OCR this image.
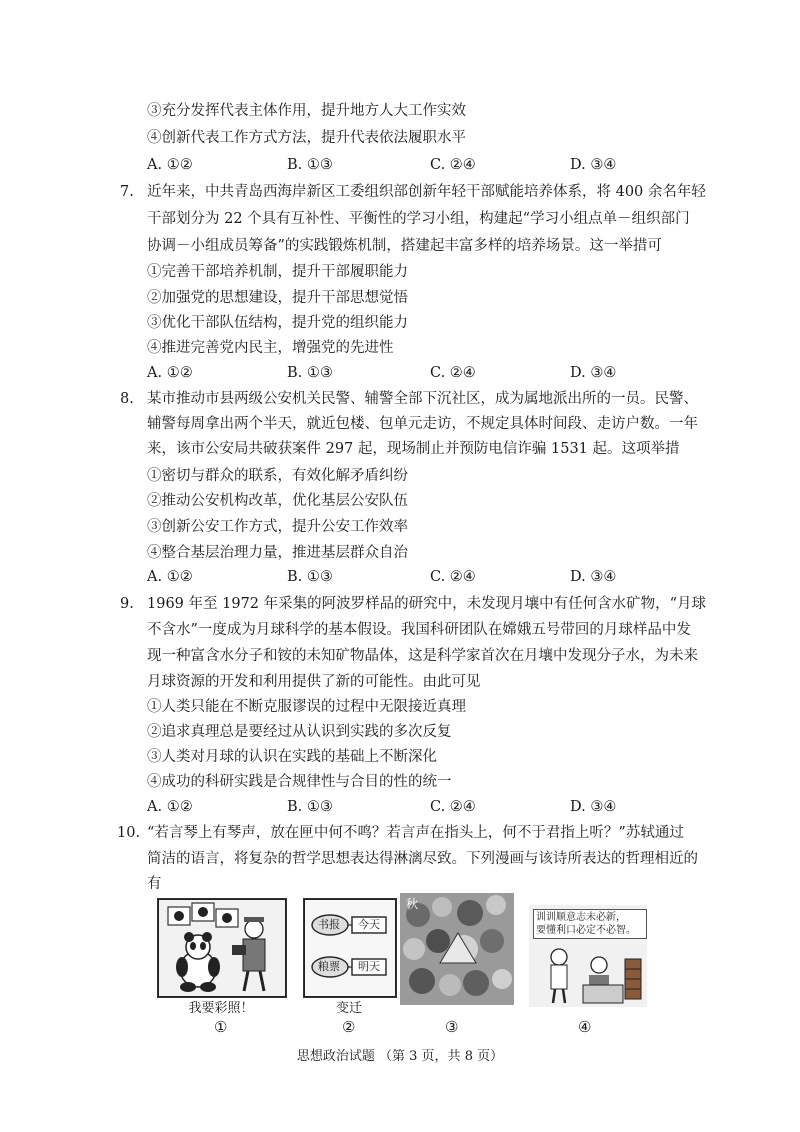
③充分发挥代表主体作用，提升地方人大工作实效
④创新代表工作方式方法，提升代表依法履职水平
A. ①②	B. ①③	C. ②④	D. ③④
7. 近年来，中共青岛西海岸新区工委组织部创新年轻干部赋能培养体系，将 400 余名年轻
干部划分为 22 个具有互补性、平衡性的学习小组，构建起“学习小组点单－组织部门
协调－小组成员筹备”的实践锻炼机制，搭建起丰富多样的培养场景。这一举措可
①完善干部培养机制，提升干部履职能力
②加强党的思想建设，提升干部思想觉悟
③优化干部队伍结构，提升党的组织能力
④推进完善党内民主，增强党的先进性
A. ①②	B. ①③	C. ②④	D. ③④
8. 某市推动市县两级公安机关民警、辅警全部下沉社区，成为属地派出所的一员。民警、
辅警每周拿出两个半天，就近包楼、包单元走访，不规定具体时间段、走访户数。一年
来，该市公安局共破获案件 297 起，现场制止并预防电信诈骗 1531 起。这项举措
①密切与群众的联系，有效化解矛盾纠纷
②推动公安机构改革，优化基层公安队伍
③创新公安工作方式，提升公安工作效率
④整合基层治理力量，推进基层群众自治
A. ①②	B. ①③	C. ②④	D. ③④
9. 1969 年至 1972 年采集的阿波罗样品的研究中，未发现月壤中有任何含水矿物，“月球
不含水”一度成为月球科学的基本假设。我国科研团队在嫦娥五号带回的月球样品中发
现一种富含水分子和铵的未知矿物晶体，这是科学家首次在月壤中发现分子水，为未来
月球资源的开发和利用提供了新的可能性。由此可见
①人类只能在不断克服谬误的过程中无限接近真理
②追求真理总是要经过从认识到实践的多次反复
③人类对月球的认识在实践的基础上不断深化
④成功的科研实践是合规律性与合目的性的统一
A. ①②	B. ①③	C. ②④	D. ③④
10. “若言琴上有琴声，放在匣中何不鸣？若言声在指头上，何不于君指上听？”苏轼通过
简洁的语言，将复杂的哲学思想表达得淋漓尽致。下列漫画与该诗所表达的哲理相近的
有
我要彩照！
①
书报 今天
粮票 明天
变迁
②
秋
③
训训顺意志未必新，
要懂利口必定不必智。
④
思想政治试题 （第 3 页，共 8 页）
